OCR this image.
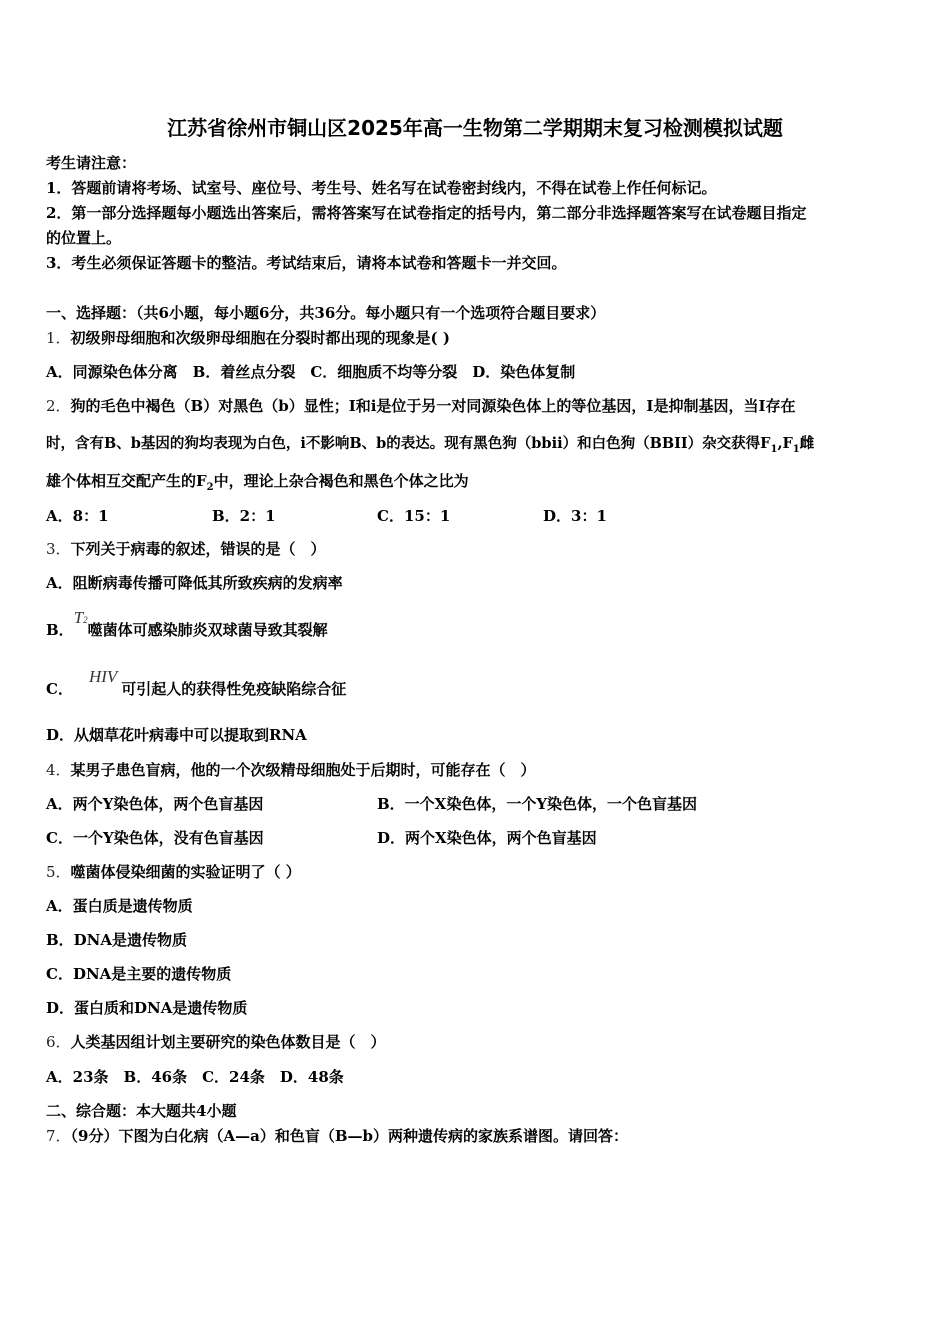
江苏省徐州市铜山区2025年高一生物第二学期期末复习检测模拟试题
考生请注意：
1．答题前请将考场、试室号、座位号、考生号、姓名写在试卷密封线内，不得在试卷上作任何标记。
2．第一部分选择题每小题选出答案后，需将答案写在试卷指定的括号内，第二部分非选择题答案写在试卷题目指定
的位置上。
3．考生必须保证答题卡的整洁。考试结束后，请将本试卷和答题卡一并交回。
一、选择题：（共6小题，每小题6分，共36分。每小题只有一个选项符合题目要求）
1．初级卵母细胞和次级卵母细胞在分裂时都出现的现象是( )
A．同源染色体分离　B．着丝点分裂　C．细胞质不均等分裂　D．染色体复制
2．狗的毛色中褐色（B）对黑色（b）显性；I和i是位于另一对同源染色体上的等位基因，I是抑制基因，当I存在
时，含有B、b基因的狗均表现为白色，i不影响B、b的表达。现有黑色狗（bbii）和白色狗（BBII）杂交获得$F_1,F_1$雌
雄个体相互交配产生的$F_2$中，理论上杂合褐色和黑色个体之比为
A．8：1	B．2：1	C．15：1	D．3：1
3．下列关于病毒的叙述，错误的是（　）
A．阻断病毒传播可降低其所致疾病的发病率
B．T2噬菌体可感染肺炎双球菌导致其裂解
C．HIV可引起人的获得性免疫缺陷综合征
D．从烟草花叶病毒中可以提取到RNA
4．某男子患色盲病，他的一个次级精母细胞处于后期时，可能存在（　）
A．两个Y染色体，两个色盲基因	B．一个X染色体，一个Y染色体，一个色盲基因
C．一个Y染色体，没有色盲基因	D．两个X染色体，两个色盲基因
5．噬菌体侵染细菌的实验证明了（ ）
A．蛋白质是遗传物质
B．DNA是遗传物质
C．DNA是主要的遗传物质
D．蛋白质和DNA是遗传物质
6．人类基因组计划主要研究的染色体数目是（　）
A．23条　B．46条　C．24条　D．48条
二、综合题：本大题共4小题
7．（9分）下图为白化病（A—a）和色盲（B—b）两种遗传病的家族系谱图。请回答：
